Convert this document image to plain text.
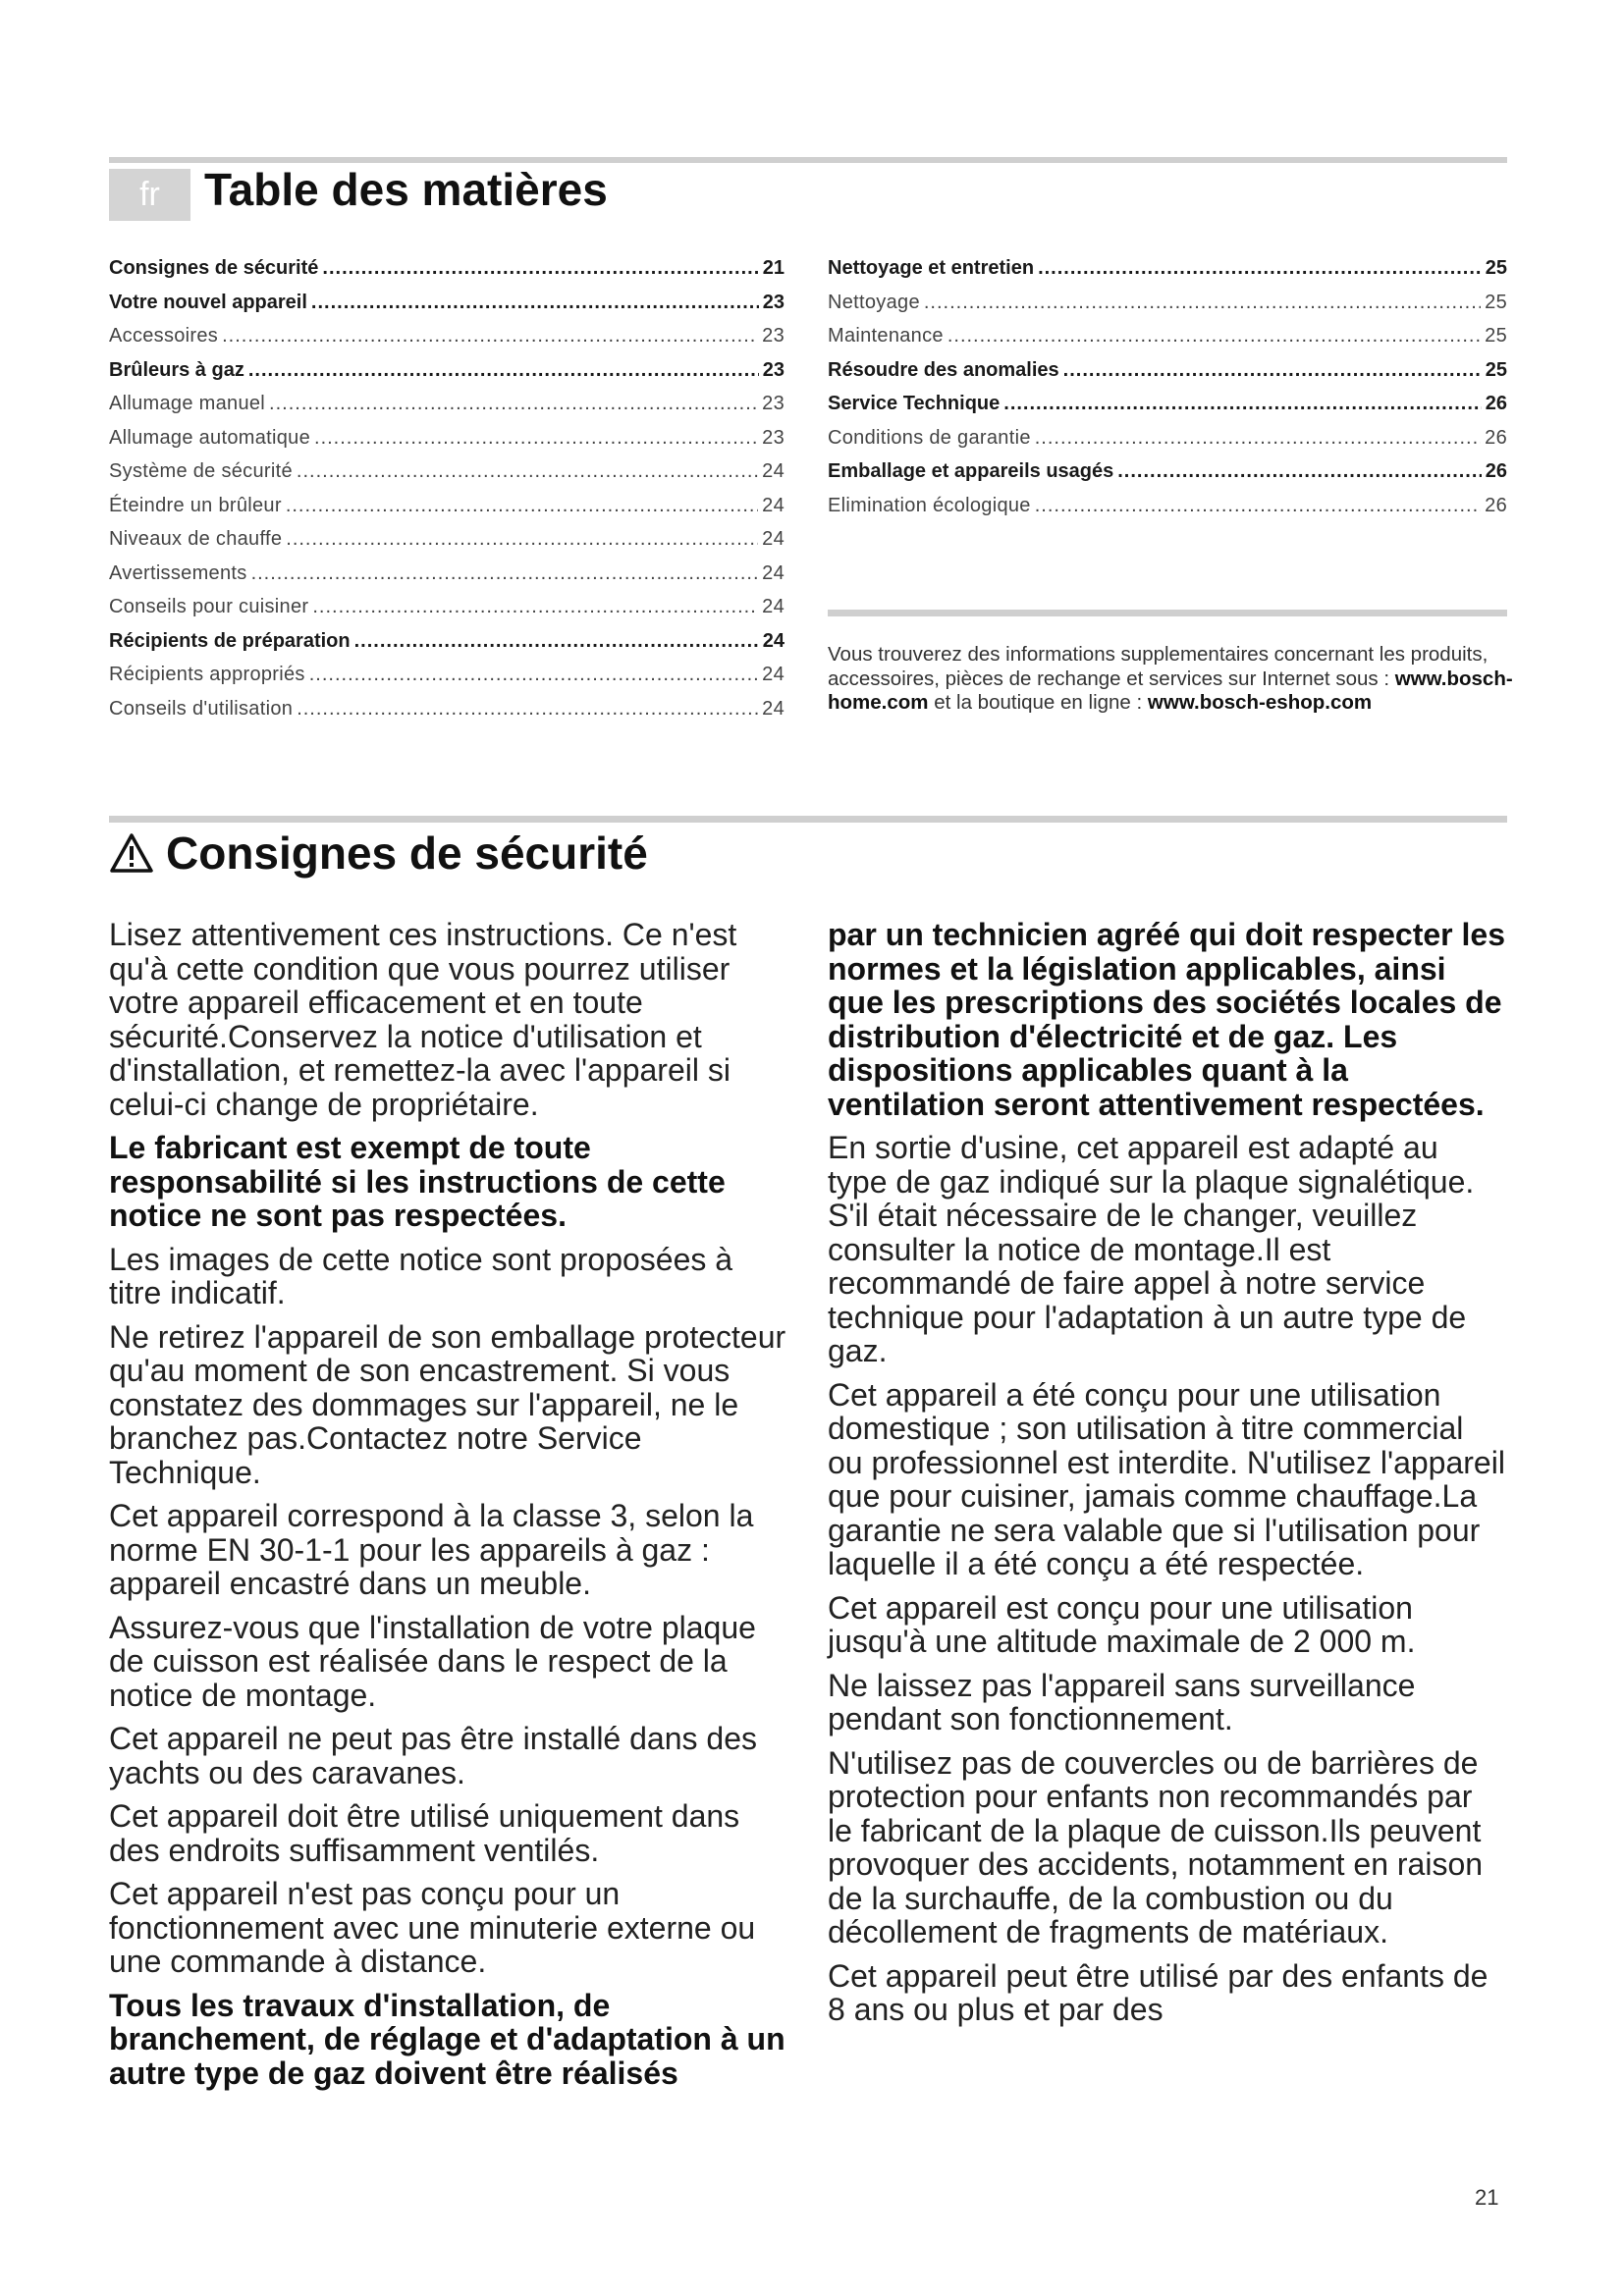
fr Table des matières
Consignes de sécurité .....	21
Votre nouvel appareil .....	23
Accessoires .....	23
Brûleurs à gaz .....	23
Allumage manuel .....	23
Allumage automatique .....	23
Système de sécurité .....	24
Éteindre un brûleur .....	24
Niveaux de chauffe .....	24
Avertissements .....	24
Conseils pour cuisiner .....	24
Récipients de préparation .....	24
Récipients appropriés .....	24
Conseils d'utilisation .....	24
Nettoyage et entretien .....	25
Nettoyage .....	25
Maintenance .....	25
Résoudre des anomalies .....	25
Service Technique .....	26
Conditions de garantie .....	26
Emballage et appareils usagés .....	26
Elimination écologique .....	26

Vous trouverez des informations supplementaires concernant les produits, accessoires, pièces de rechange et services sur Internet sous : www.bosch-home.com et la boutique en ligne : www.bosch-eshop.com

Consignes de sécurité

Lisez attentivement ces instructions. Ce n'est qu'à cette condition que vous pourrez utiliser votre appareil efficacement et en toute sécurité.Conservez la notice d'utilisation et d'installation, et remettez-la avec l'appareil si celui-ci change de propriétaire.

Le fabricant est exempt de toute responsabilité si les instructions de cette notice ne sont pas respectées.

Les images de cette notice sont proposées à titre indicatif.

Ne retirez l'appareil de son emballage protecteur qu'au moment de son encastrement. Si vous constatez des dommages sur l'appareil, ne le branchez pas.Contactez notre Service Technique.

Cet appareil correspond à la classe 3, selon la norme EN 30-1-1 pour les appareils à gaz : appareil encastré dans un meuble.

Assurez-vous que l'installation de votre plaque de cuisson est réalisée dans le respect de la notice de montage.

Cet appareil ne peut pas être installé dans des yachts ou des caravanes.

Cet appareil doit être utilisé uniquement dans des endroits suffisamment ventilés.

Cet appareil n'est pas conçu pour un fonctionnement avec une minuterie externe ou une commande à distance.

Tous les travaux d'installation, de branchement, de réglage et d'adaptation à un autre type de gaz doivent être réalisés

par un technicien agréé qui doit respecter les normes et la législation applicables, ainsi que les prescriptions des sociétés locales de distribution d'électricité et de gaz. Les dispositions applicables quant à la ventilation seront attentivement respectées.

En sortie d'usine, cet appareil est adapté au type de gaz indiqué sur la plaque signalétique. S'il était nécessaire de le changer, veuillez consulter la notice de montage.Il est recommandé de faire appel à notre service technique pour l'adaptation à un autre type de gaz.

Cet appareil a été conçu pour une utilisation domestique ; son utilisation à titre commercial ou professionnel est interdite. N'utilisez l'appareil que pour cuisiner, jamais comme chauffage.La garantie ne sera valable que si l'utilisation pour laquelle il a été conçu a été respectée.

Cet appareil est conçu pour une utilisation jusqu'à une altitude maximale de 2 000 m.

Ne laissez pas l'appareil sans surveillance pendant son fonctionnement.

N'utilisez pas de couvercles ou de barrières de protection pour enfants non recommandés par le fabricant de la plaque de cuisson.Ils peuvent provoquer des accidents, notamment en raison de la surchauffe, de la combustion ou du décollement de fragments de matériaux.

Cet appareil peut être utilisé par des enfants de 8 ans ou plus et par des

21
